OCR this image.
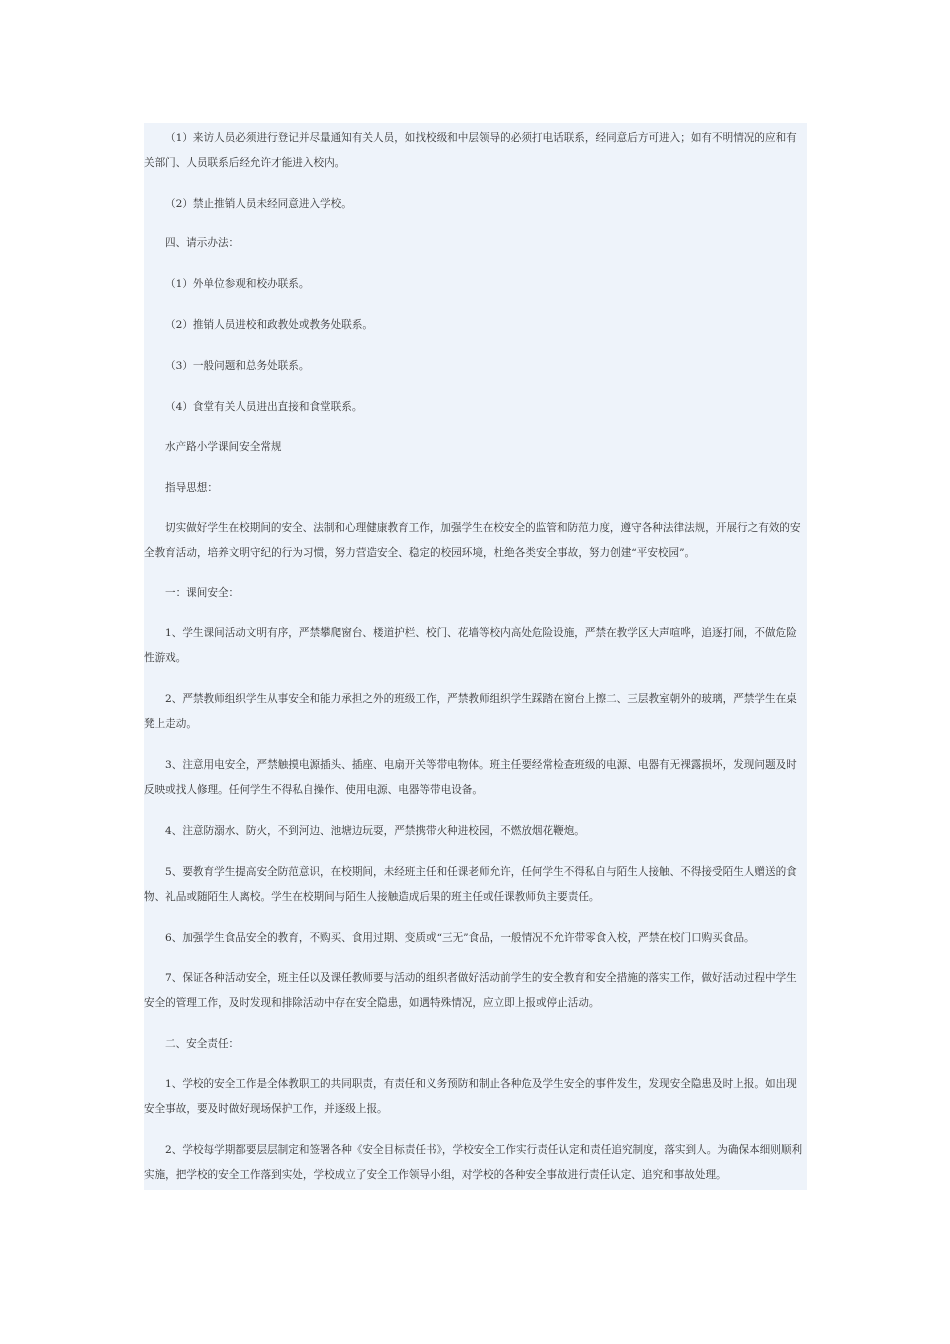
（1）来访人员必须进行登记并尽量通知有关人员，如找校级和中层领导的必须打电话联系，经同意后方可进入；如有不明情况的应和有关部门、人员联系后经允许才能进入校内。

（2）禁止推销人员未经同意进入学校。

四、请示办法：

（1）外单位参观和校办联系。

（2）推销人员进校和政教处或教务处联系。

（3）一般问题和总务处联系。

（4）食堂有关人员进出直接和食堂联系。

水产路小学课间安全常规

指导思想：

切实做好学生在校期间的安全、法制和心理健康教育工作，加强学生在校安全的监管和防范力度，遵守各种法律法规，开展行之有效的安全教育活动，培养文明守纪的行为习惯，努力营造安全、稳定的校园环境，杜绝各类安全事故，努力创建“平安校园”。

一：课间安全：

1、学生课间活动文明有序，严禁攀爬窗台、楼道护栏、校门、花墙等校内高处危险设施，严禁在教学区大声喧哗，追逐打闹，不做危险性游戏。

2、严禁教师组织学生从事安全和能力承担之外的班级工作，严禁教师组织学生踩踏在窗台上擦二、三层教室朝外的玻璃，严禁学生在桌凳上走动。

3、注意用电安全，严禁触摸电源插头、插座、电扇开关等带电物体。班主任要经常检查班级的电源、电器有无裸露损坏，发现问题及时反映或找人修理。任何学生不得私自操作、使用电源、电器等带电设备。

4、注意防溺水、防火，不到河边、池塘边玩耍，严禁携带火种进校园，不燃放烟花鞭炮。

5、要教育学生提高安全防范意识，在校期间，未经班主任和任课老师允许，任何学生不得私自与陌生人接触、不得接受陌生人赠送的食物、礼品或随陌生人离校。学生在校期间与陌生人接触造成后果的班主任或任课教师负主要责任。

6、加强学生食品安全的教育，不购买、食用过期、变质或“三无”食品，一般情况不允许带零食入校，严禁在校门口购买食品。

7、保证各种活动安全，班主任以及课任教师要与活动的组织者做好活动前学生的安全教育和安全措施的落实工作，做好活动过程中学生安全的管理工作，及时发现和排除活动中存在安全隐患，如遇特殊情况，应立即上报或停止活动。

二、安全责任：

1、学校的安全工作是全体教职工的共同职责，有责任和义务预防和制止各种危及学生安全的事件发生，发现安全隐患及时上报。如出现安全事故，要及时做好现场保护工作，并逐级上报。

2、学校每学期都要层层制定和签署各种《安全目标责任书》，学校安全工作实行责任认定和责任追究制度，落实到人。为确保本细则顺利实施，把学校的安全工作落到实处，学校成立了安全工作领导小组，对学校的各种安全事故进行责任认定、追究和事故处理。
